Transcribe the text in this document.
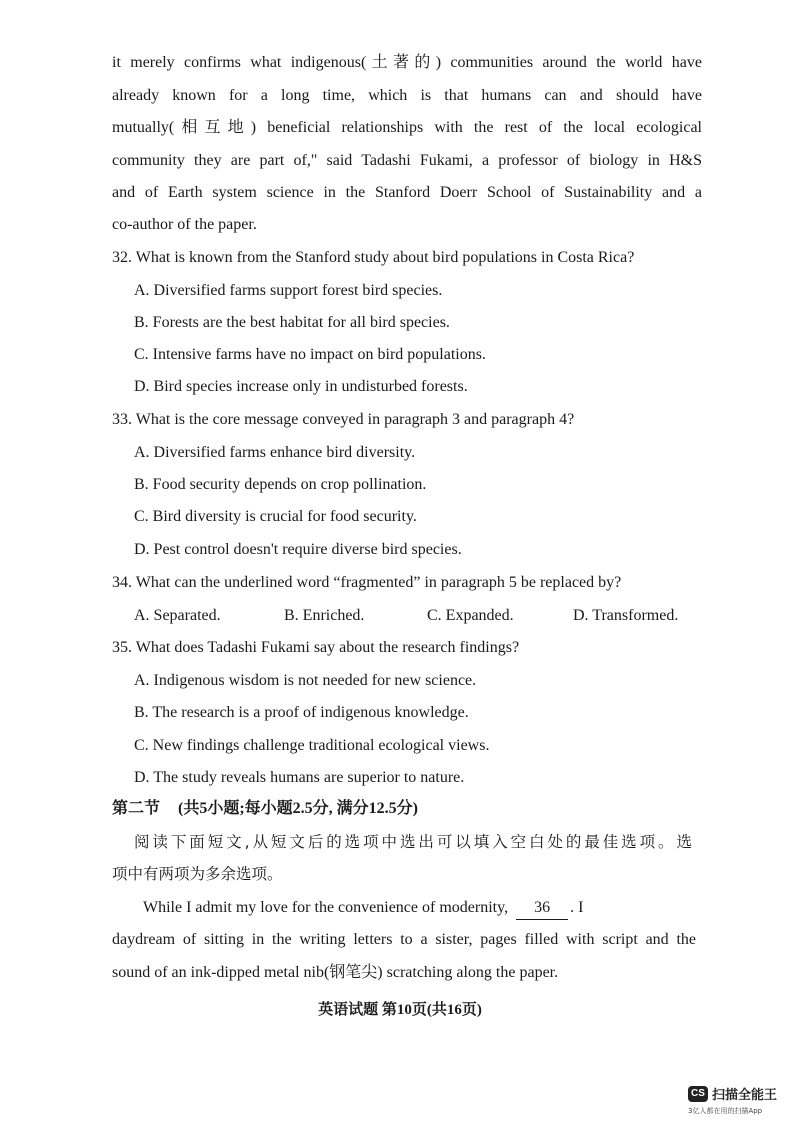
it merely confirms what indigenous(土著的) communities around the world have
already known for a long time, which is that humans can and should have
mutually(相互地) beneficial relationships with the rest of the local ecological
community they are part of," said Tadashi Fukami, a professor of biology in H&S
and of Earth system science in the Stanford Doerr School of Sustainability and a
co-author of the paper.
32. What is known from the Stanford study about bird populations in Costa Rica?
A. Diversified farms support forest bird species.
B. Forests are the best habitat for all bird species.
C. Intensive farms have no impact on bird populations.
D. Bird species increase only in undisturbed forests.
33. What is the core message conveyed in paragraph 3 and paragraph 4?
A. Diversified farms enhance bird diversity.
B. Food security depends on crop pollination.
C. Bird diversity is crucial for food security.
D. Pest control doesn't require diverse bird species.
34. What can the underlined word “fragmented” in paragraph 5 be replaced by?
A. Separated.	B. Enriched.	C. Expanded.	D. Transformed.
35. What does Tadashi Fukami say about the research findings?
A. Indigenous wisdom is not needed for new science.
B. The research is a proof of indigenous knowledge.
C. New findings challenge traditional ecological views.
D. The study reveals humans are superior to nature.
第二节 (共5小题;每小题2.5分, 满分12.5分)
阅读下面短文,从短文后的选项中选出可以填入空白处的最佳选项。选
项中有两项为多余选项。
While I admit my love for the convenience of modernity, 36 . I
daydream of sitting in the writing letters to a sister, pages filled with script and the
sound of an ink-dipped metal nib(钢笔尖) scratching along the paper.
英语试题 第10页(共16页)
CS 扫描全能王
3亿人都在用的扫描App
